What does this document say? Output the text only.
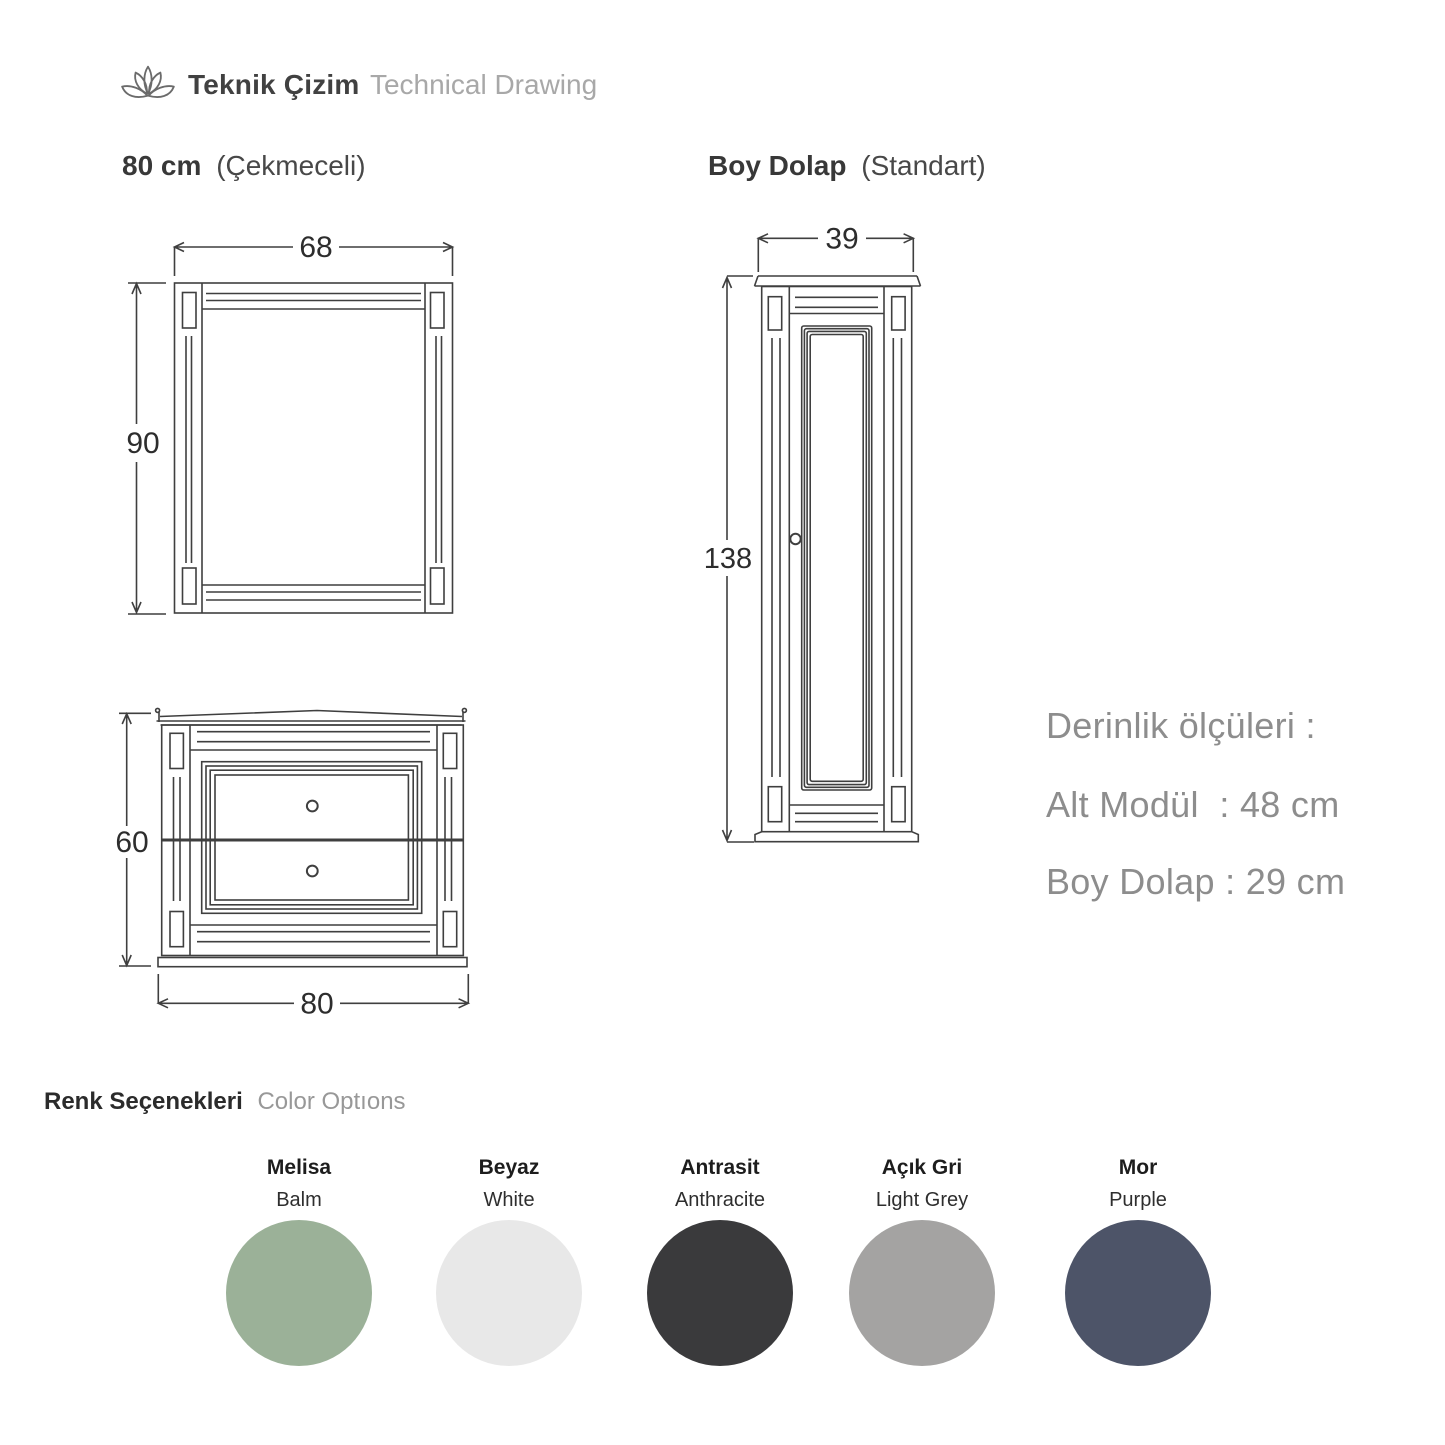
68
90
60
80
39
138
Teknik Çizim Technical Drawing
80 cm (Çekmeceli)	Boy Dolap (Standart)
Derinlik ölçüleri :
Alt Modül  : 48 cm
Boy Dolap : 29 cm
Renk Seçenekleri Color Optıons
Melisa
Balm
Beyaz
White
Antrasit
Anthracite
Açık Gri
Light Grey
Mor
Purple
